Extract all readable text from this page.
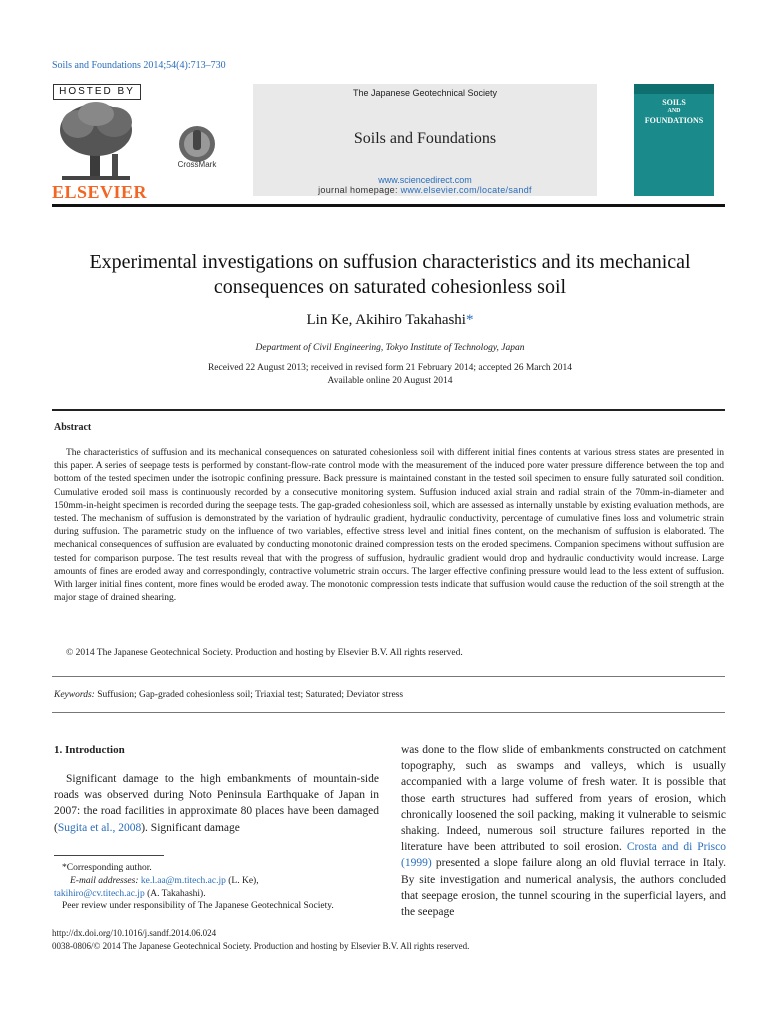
Soils and Foundations 2014;54(4):713–730
HOSTED BY
ELSEVIER
CrossMark
The Japanese Geotechnical Society
Soils and Foundations
www.sciencedirect.com
journal homepage: www.elsevier.com/locate/sandf
SOILS
AND
FOUNDATIONS
Experimental investigations on suffusion characteristics and its mechanical consequences on saturated cohesionless soil
Lin Ke, Akihiro Takahashi*
Department of Civil Engineering, Tokyo Institute of Technology, Japan
Received 22 August 2013; received in revised form 21 February 2014; accepted 26 March 2014
Available online 20 August 2014
Abstract

The characteristics of suffusion and its mechanical consequences on saturated cohesionless soil with different initial fines contents at various stress states are presented in this paper. A series of seepage tests is performed by constant-flow-rate control mode with the measurement of the induced pore water pressure difference between the top and bottom of the tested specimen under the isotropic confining pressure. Back pressure is maintained constant in the tested soil specimen to ensure fully saturated soil condition. Cumulative eroded soil mass is continuously recorded by a consecutive monitoring system. Suffusion induced axial strain and radial strain of the 70mm-in-diameter and 150mm-in-height specimen is recorded during the seepage tests. The gap-graded cohesionless soil, which are assessed as internally unstable by existing evaluation methods, are tested. The mechanism of suffusion is demonstrated by the variation of hydraulic gradient, hydraulic conductivity, percentage of cumulative fines loss and volumetric strain during suffusion. The parametric study on the influence of two variables, effective stress level and initial fines content, on the mechanism of suffusion is elaborated. The mechanical consequences of suffusion are evaluated by conducting monotonic drained compression tests on the eroded specimens. Companion specimens without suffusion are tested for comparison purpose. The test results reveal that with the progress of suffusion, hydraulic gradient would drop and hydraulic conductivity would increase. Large amounts of fines are eroded away and correspondingly, contractive volumetric strain occurs. The larger effective confining pressure would lead to the less extent of suffusion. With larger initial fines content, more fines would be eroded away. The monotonic compression tests indicate that suffusion would cause the reduction of the soil strength at the major stage of drained shearing.

© 2014 The Japanese Geotechnical Society. Production and hosting by Elsevier B.V. All rights reserved.
Keywords: Suffusion; Gap-graded cohesionless soil; Triaxial test; Saturated; Deviator stress
1. Introduction

Significant damage to the high embankments of mountain-side roads was observed during Noto Peninsula Earthquake of Japan in 2007: the road facilities in approximate 80 places have been damaged (Sugita et al., 2008). Significant damage

was done to the flow slide of embankments constructed on catchment topography, such as swamps and valleys, which is usually accompanied with a large volume of fresh water. It is possible that those earth structures had suffered from years of erosion, which chronically loosened the soil packing, making it vulnerable to seismic shaking. Indeed, numerous soil structure failures reported in the literature have been attributed to soil erosion. Crosta and di Prisco (1999) presented a slope failure along an old fluvial terrace in Italy. By site investigation and numerical analysis, the authors concluded that seepage erosion, the tunnel scouring in the superficial layers, and the seepage

*Corresponding author.
E-mail addresses: ke.l.aa@m.titech.ac.jp (L. Ke),
takihiro@cv.titech.ac.jp (A. Takahashi).
Peer review under responsibility of The Japanese Geotechnical Society.
http://dx.doi.org/10.1016/j.sandf.2014.06.024
0038-0806/© 2014 The Japanese Geotechnical Society. Production and hosting by Elsevier B.V. All rights reserved.
